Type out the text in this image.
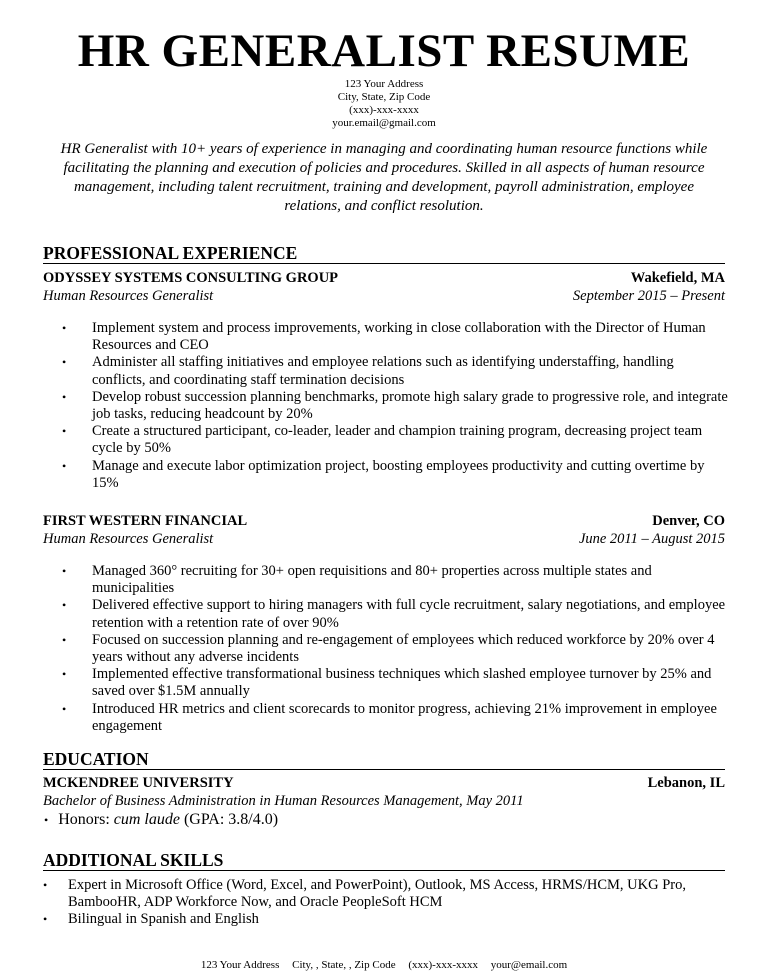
HR GENERALIST RESUME
123 Your Address
City, State, Zip Code
(xxx)-xxx-xxxx
your.email@gmail.com
HR Generalist with 10+ years of experience in managing and coordinating human resource functions while facilitating the planning and execution of policies and procedures. Skilled in all aspects of human resource management, including talent recruitment, training and development, payroll administration, employee relations, and conflict resolution.
PROFESSIONAL EXPERIENCE
ODYSSEY SYSTEMS CONSULTING GROUP	Wakefield, MA
Human Resources Generalist	September 2015 – Present
• Implement system and process improvements, working in close collaboration with the Director of Human Resources and CEO
• Administer all staffing initiatives and employee relations such as identifying understaffing, handling conflicts, and coordinating staff termination decisions
• Develop robust succession planning benchmarks, promote high salary grade to progressive role, and integrate job tasks, reducing headcount by 20%
• Create a structured participant, co-leader, leader and champion training program, decreasing project team cycle by 50%
• Manage and execute labor optimization project, boosting employees productivity and cutting overtime by 15%
FIRST WESTERN FINANCIAL	Denver, CO
Human Resources Generalist	June 2011 – August 2015
• Managed 360° recruiting for 30+ open requisitions and 80+ properties across multiple states and municipalities
• Delivered effective support to hiring managers with full cycle recruitment, salary negotiations, and employee retention with a retention rate of over 90%
• Focused on succession planning and re-engagement of employees which reduced workforce by 20% over 4 years without any adverse incidents
• Implemented effective transformational business techniques which slashed employee turnover by 25% and saved over $1.5M annually
• Introduced HR metrics and client scorecards to monitor progress, achieving 21% improvement in employee engagement
EDUCATION
MCKENDREE UNIVERSITY	Lebanon, IL
Bachelor of Business Administration in Human Resources Management, May 2011
• Honors: cum laude (GPA: 3.8/4.0)
ADDITIONAL SKILLS
• Expert in Microsoft Office (Word, Excel, and PowerPoint), Outlook, MS Access, HRMS/HCM, UKG Pro, BambooHR, ADP Workforce Now, and Oracle PeopleSoft HCM
• Bilingual in Spanish and English
123 Your Address City, , State, , Zip Code (xxx)-xxx-xxxx your@email.com
